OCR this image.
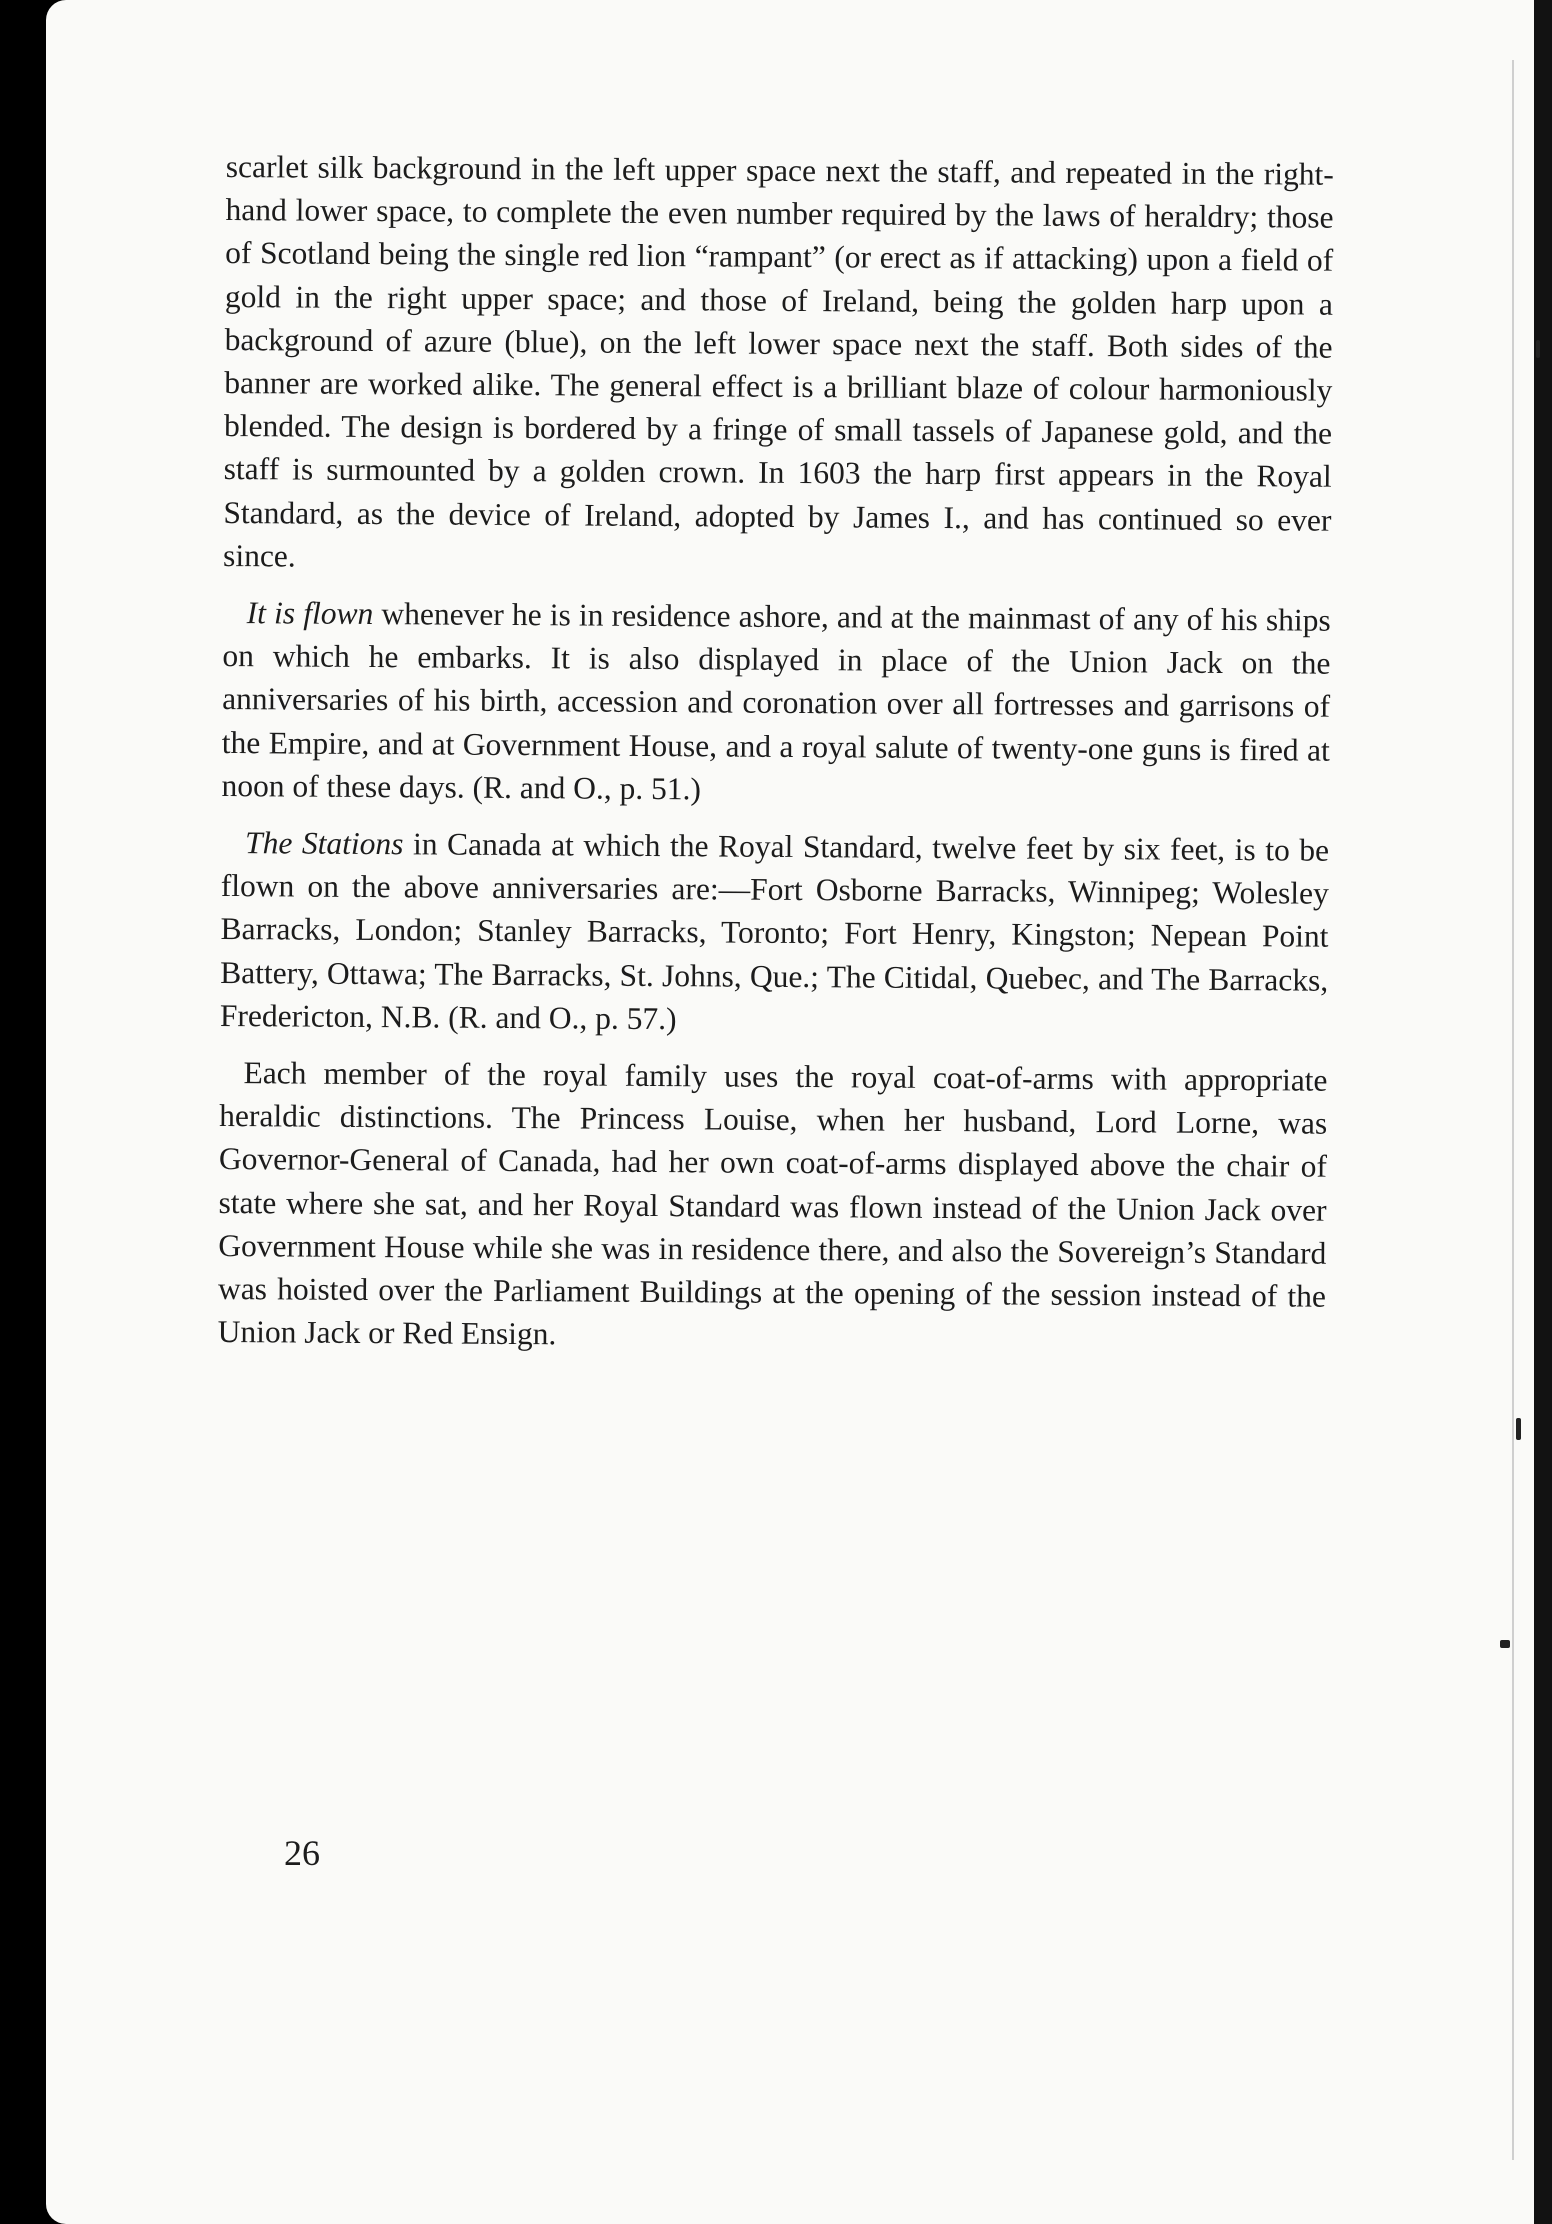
scarlet silk background in the left upper space next the staff, and repeated in the right-hand lower space, to complete the even number required by the laws of heraldry; those of Scotland being the single red lion “rampant” (or erect as if attacking) upon a field of gold in the right upper space; and those of Ireland, being the golden harp upon a background of azure (blue), on the left lower space next the staff. Both sides of the banner are worked alike. The general effect is a brilliant blaze of colour harmoniously blended. The design is bordered by a fringe of small tassels of Japanese gold, and the staff is surmounted by a golden crown. In 1603 the harp first appears in the Royal Standard, as the device of Ireland, adopted by James I., and has continued so ever since.

It is flown whenever he is in residence ashore, and at the mainmast of any of his ships on which he embarks. It is also displayed in place of the Union Jack on the anniversaries of his birth, accession and coronation over all fortresses and garrisons of the Empire, and at Government House, and a royal salute of twenty-one guns is fired at noon of these days. (R. and O., p. 51.)

The Stations in Canada at which the Royal Standard, twelve feet by six feet, is to be flown on the above anniversaries are:—Fort Osborne Barracks, Winnipeg; Wolesley Barracks, London; Stanley Barracks, Toronto; Fort Henry, Kingston; Nepean Point Battery, Ottawa; The Barracks, St. Johns, Que.; The Citidal, Quebec, and The Barracks, Fredericton, N.B. (R. and O., p. 57.)

Each member of the royal family uses the royal coat-of-arms with appropriate heraldic distinctions. The Princess Louise, when her husband, Lord Lorne, was Governor-General of Canada, had her own coat-of-arms displayed above the chair of state where she sat, and her Royal Standard was flown instead of the Union Jack over Government House while she was in residence there, and also the Sovereign’s Standard was hoisted over the Parliament Buildings at the opening of the session instead of the Union Jack or Red Ensign.

26
